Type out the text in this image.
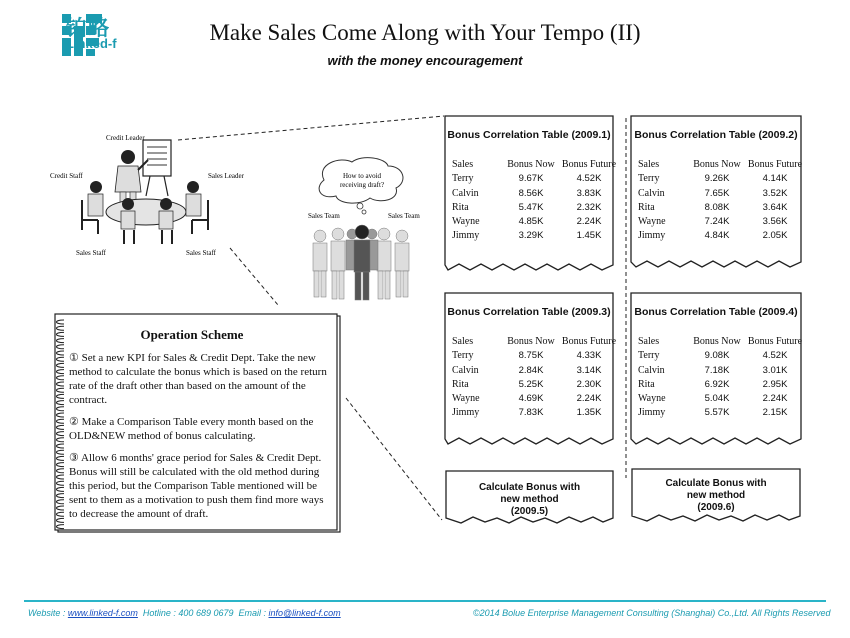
铂略
Linked-f	Make Sales Come Along with Your Tempo (II)
with the money encouragement
Credit Leader
Credit Staff	Sales Leader
Sales Staff	Sales Staff
How to avoid
receiving draft?
Sales Team	Sales Team
Bonus Correlation Table (2009.1)
Sales	Bonus Now Bonus Future
Terry	9.67K	4.52K
Calvin	8.56K	3.83K
Rita	5.47K	2.32K
Wayne	4.85K	2.24K
Jimmy	3.29K	1.45K
Bonus Correlation Table (2009.2)
Sales	Bonus Now Bonus Future
Terry	9.26K	4.14K
Calvin	7.65K	3.52K
Rita	8.08K	3.64K
Wayne	7.24K	3.56K
Jimmy	4.84K	2.05K
Bonus Correlation Table (2009.3)
Sales	Bonus Now Bonus Future
Terry	8.75K	4.33K
Calvin	2.84K	3.14K
Rita	5.25K	2.30K
Wayne	4.69K	2.24K
Jimmy	7.83K	1.35K
Bonus Correlation Table (2009.4)
Sales	Bonus Now Bonus Future
Terry	9.08K	4.52K
Calvin	7.18K	3.01K
Rita	6.92K	2.95K
Wayne	5.04K	2.24K
Jimmy	5.57K	2.15K
Calculate Bonus with
new method
(2009.5)
Calculate Bonus with
new method
(2009.6)
Operation Scheme
① Set a new KPI for Sales & Credit Dept. Take the new method to calculate the bonus which is based on the return rate of the draft other than based on the amount of the contract.
② Make a Comparison Table every month based on the OLD&NEW method of bonus calculating.
③ Allow 6 months' grace period for Sales & Credit Dept. Bonus will still be calculated with the old method during this period, but the Comparison Table mentioned will be sent to them as a motivation to push them find more ways to decrease the amount of draft.
Website : www.linked-f.com Hotline : 400 689 0679 Email : info@linked-f.com	©2014 Bolue Enterprise Management Consulting (Shanghai) Co.,Ltd. All Rights Reserved
